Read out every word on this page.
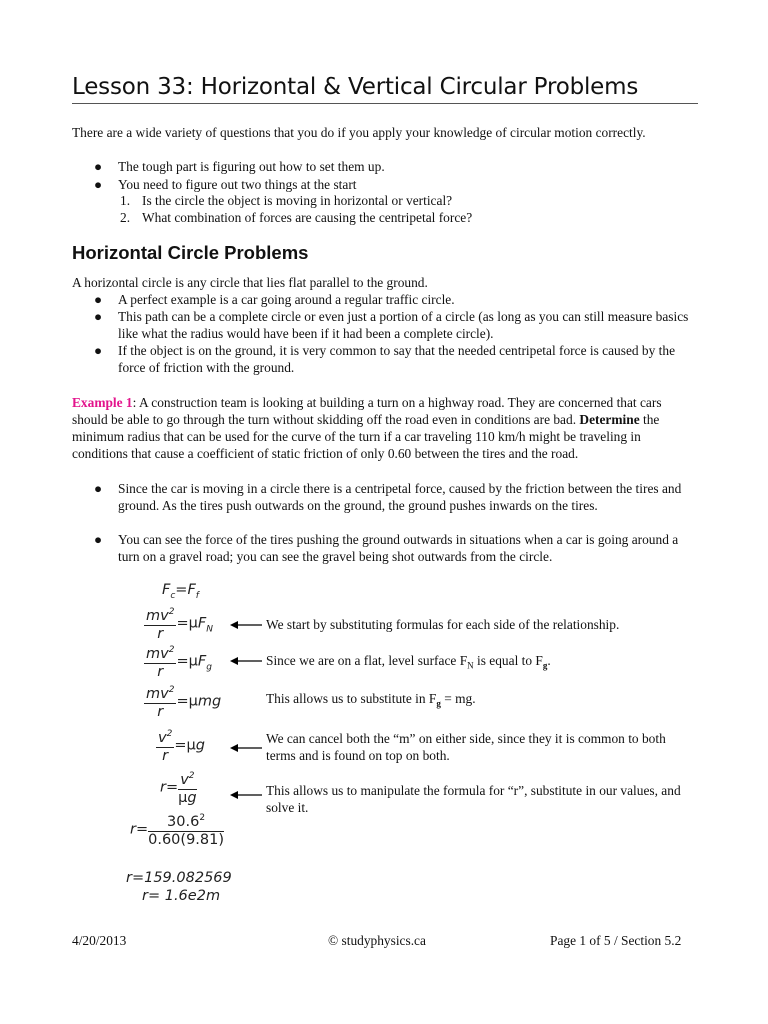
Lesson 33: Horizontal & Vertical Circular Problems
There are a wide variety of questions that you do if you apply your knowledge of circular motion correctly.
● The tough part is figuring out how to set them up.
● You need to figure out two things at the start
1. Is the circle the object is moving in horizontal or vertical?
2. What combination of forces are causing the centripetal force?
Horizontal Circle Problems
A horizontal circle is any circle that lies flat parallel to the ground.
● A perfect example is a car going around a regular traffic circle.
● This path can be a complete circle or even just a portion of a circle (as long as you can still measure basics like what the radius would have been if it had been a complete circle).
● If the object is on the ground, it is very common to say that the needed centripetal force is caused by the force of friction with the ground.
Example 1: A construction team is looking at building a turn on a highway road. They are concerned that cars should be able to go through the turn without skidding off the road even in conditions are bad. Determine the minimum radius that can be used for the curve of the turn if a car traveling 110 km/h might be traveling in conditions that cause a coefficient of static friction of only 0.60 between the tires and the road.
● Since the car is moving in a circle there is a centripetal force, caused by the friction between the tires and ground. As the tires push outwards on the ground, the ground pushes inwards on the tires.
● You can see the force of the tires pushing the ground outwards in situations when a car is going around a turn on a gravel road; you can see the gravel being shot outwards from the circle.
$F_c=F_f$
$\frac{mv^2}{r} =\mu F_N$	We start by substituting formulas for each side of the relationship.
$\frac{mv^2}{r} =\mu F_g$	Since we are on a flat, level surface $F_N$ is equal to $F_g$.
$\frac{mv^2}{r} =\mu mg$	This allows us to substitute in $F_g$ = mg.
$\frac{v^2}{r} =\mu g$	We can cancel both the “m” on either side, since they it is common to both terms and is found on top on both.
$r= \frac{v^2}{\mu g}$	This allows us to manipulate the formula for “r”, substitute in our values, and solve it.
$r= \frac{30.6^2}{0.60(9.81)}$
r=159.082569
r= 1.6e2m
4/20/2013	© studyphysics.ca	Page 1 of 5 / Section 5.2
